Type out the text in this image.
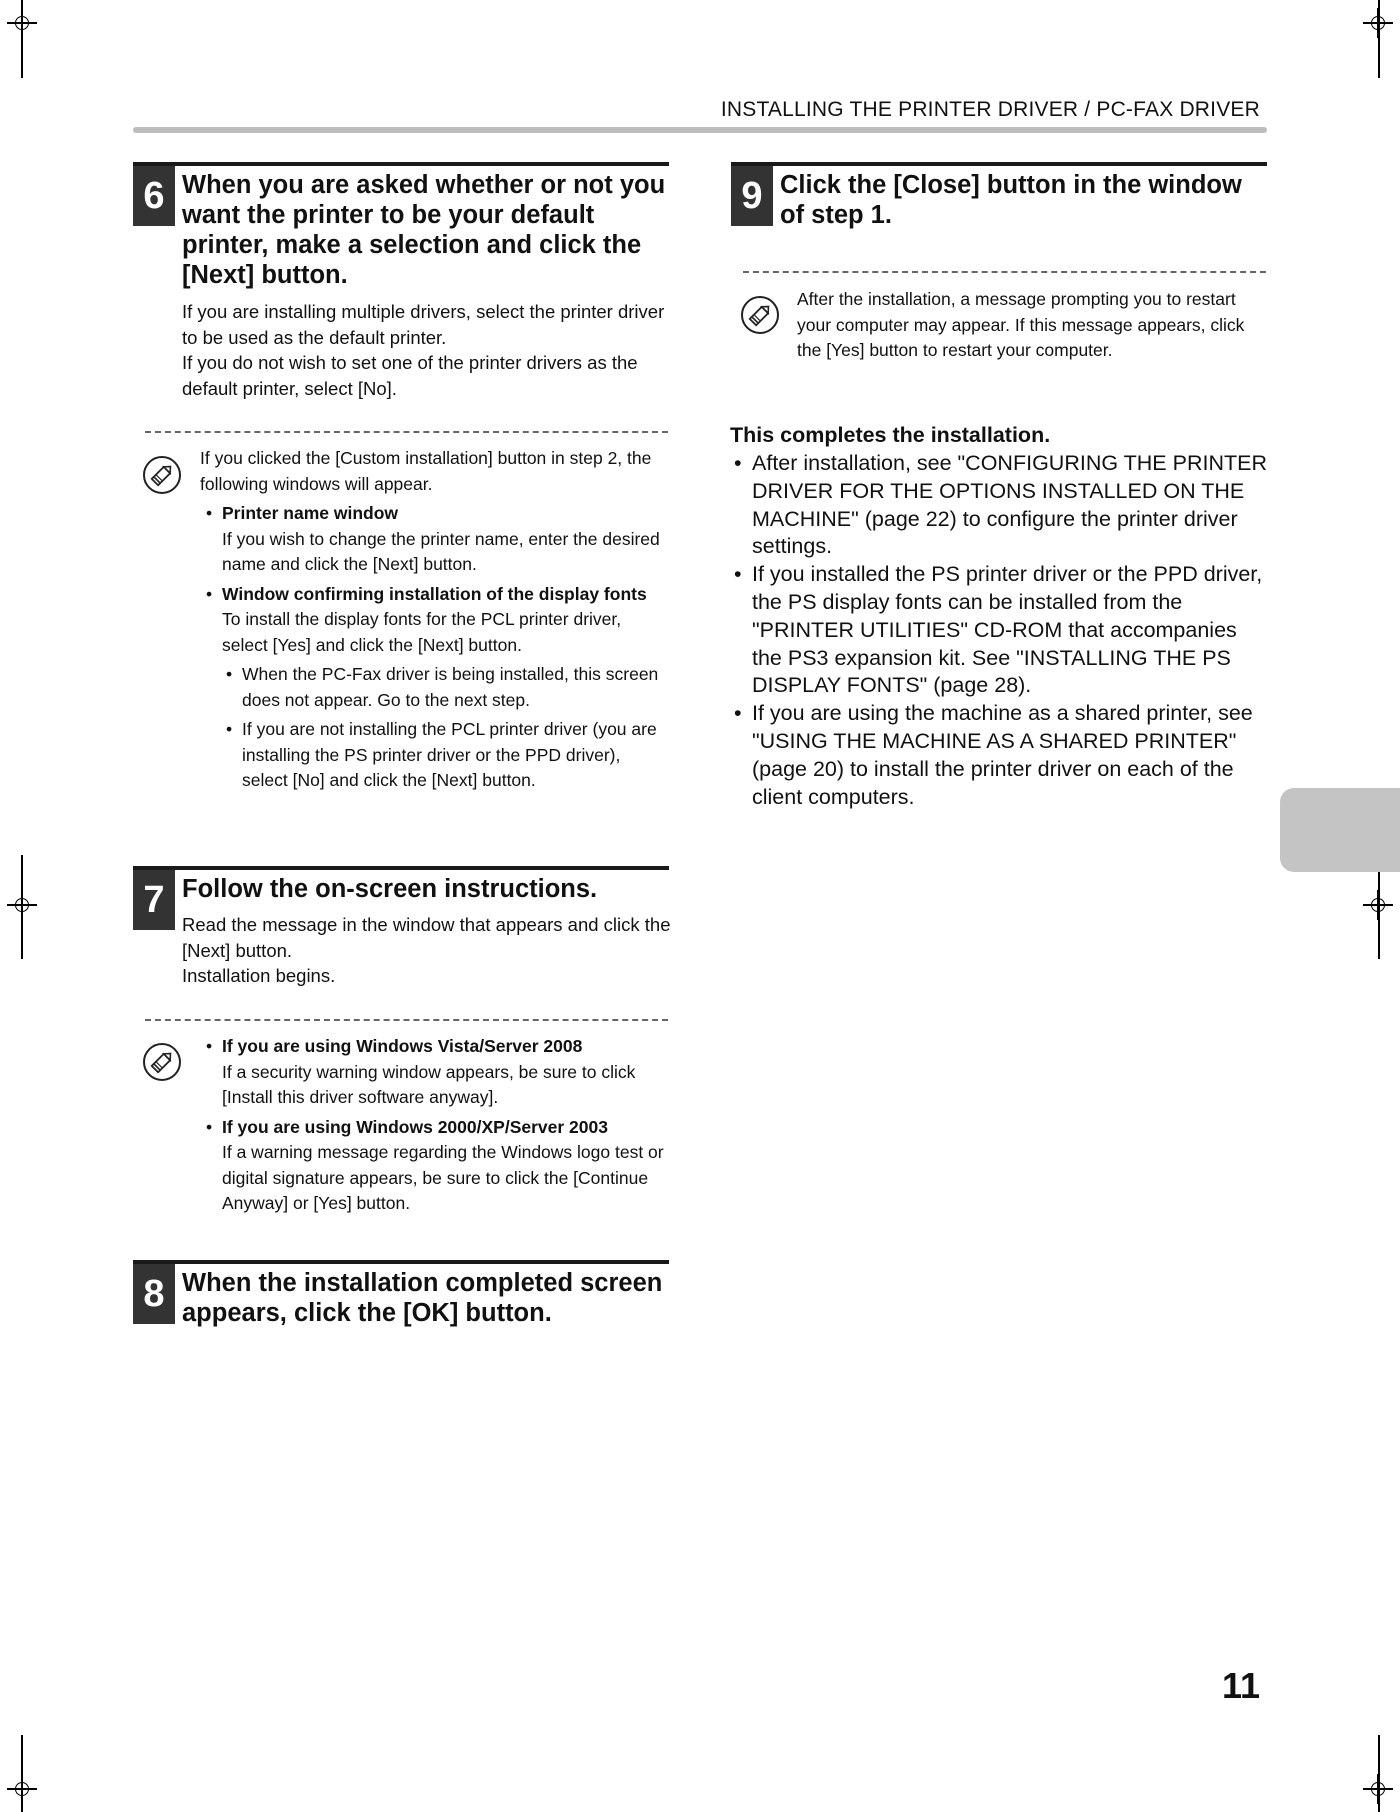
INSTALLING THE PRINTER DRIVER / PC-FAX DRIVER
6 When you are asked whether or not you want the printer to be your default printer, make a selection and click the [Next] button.

If you are installing multiple drivers, select the printer driver to be used as the default printer.

If you do not wish to set one of the printer drivers as the default printer, select [No].

If you clicked the [Custom installation] button in step 2, the following windows will appear.

• Printer name window

If you wish to change the printer name, enter the desired name and click the [Next] button.

• Window confirming installation of the display fonts

To install the display fonts for the PCL printer driver, select [Yes] and click the [Next] button.

• When the PC-Fax driver is being installed, this screen does not appear. Go to the next step.

• If you are not installing the PCL printer driver (you are installing the PS printer driver or the PPD driver), select [No] and click the [Next] button.

7 Follow the on-screen instructions.

Read the message in the window that appears and click the [Next] button.

Installation begins.

• If you are using Windows Vista/Server 2008

If a security warning window appears, be sure to click [Install this driver software anyway].

• If you are using Windows 2000/XP/Server 2003

If a warning message regarding the Windows logo test or digital signature appears, be sure to click the [Continue Anyway] or [Yes] button.

8 When the installation completed screen appears, click the [OK] button.
9 Click the [Close] button in the window of step 1.

After the installation, a message prompting you to restart your computer may appear. If this message appears, click the [Yes] button to restart your computer.

This completes the installation.
• After installation, see "CONFIGURING THE PRINTER DRIVER FOR THE OPTIONS INSTALLED ON THE MACHINE" (page 22) to configure the printer driver settings.
• If you installed the PS printer driver or the PPD driver, the PS display fonts can be installed from the "PRINTER UTILITIES" CD-ROM that accompanies the PS3 expansion kit. See "INSTALLING THE PS DISPLAY FONTS" (page 28).
• If you are using the machine as a shared printer, see "USING THE MACHINE AS A SHARED PRINTER" (page 20) to install the printer driver on each of the client computers.
11
